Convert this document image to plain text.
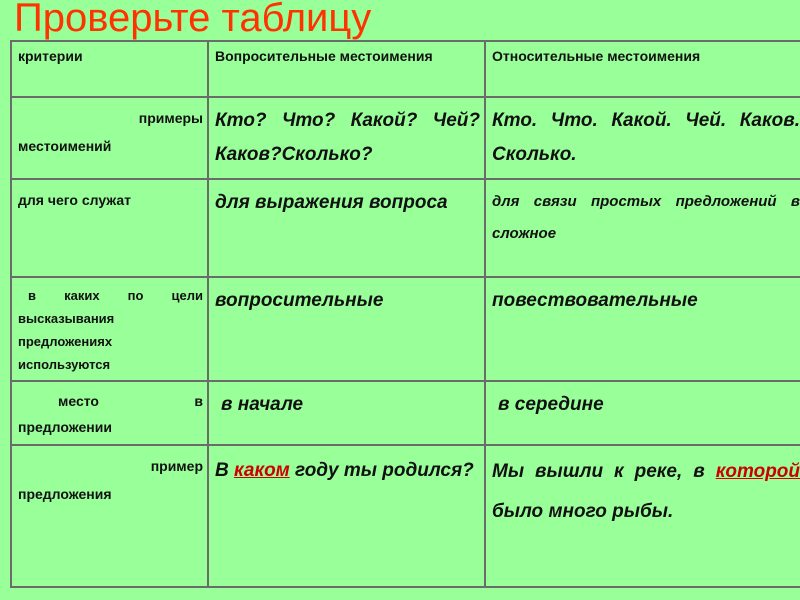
Проверьте таблицу
критерии	Вопросительные местоимения	Относительные местоимения

примеры
местоимений	Кто? Что? Какой? Чей?Каков?Сколько?	Кто. Что. Какой. Чей. Каков. Сколько.
для чего служат	для выражения вопроса	для связи простых предложений в сложное

в каких по цели
высказывания предложениях используются	вопросительные	повествовательные

место в
предложении	в начале	в середине

пример
предложения	В каком году ты родился?	Мы вышли к реке, в которой было много рыбы.
